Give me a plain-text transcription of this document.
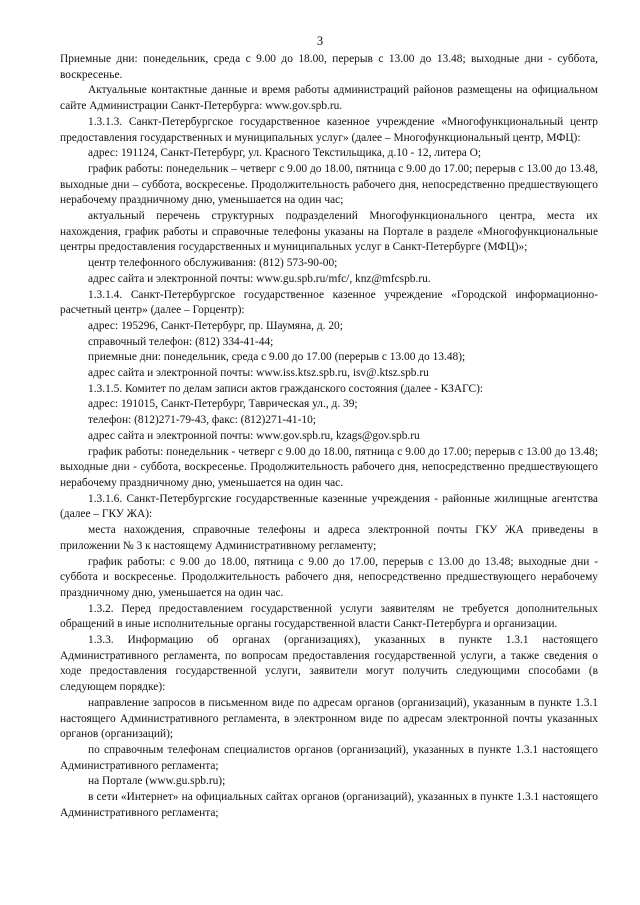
3

Приемные дни: понедельник, среда с 9.00 до 18.00, перерыв с 13.00 до 13.48; выходные дни - суббота, воскресенье.

Актуальные контактные данные и время работы администраций районов размещены на официальном сайте Администрации Санкт-Петербурга: www.gov.spb.ru.

1.3.1.3. Санкт-Петербургское государственное казенное учреждение «Многофункциональный центр предоставления государственных и муниципальных услуг» (далее – Многофункциональный центр, МФЦ):

адрес: 191124, Санкт-Петербург, ул. Красного Текстильщика, д.10 - 12, литера О;

график работы: понедельник – четверг с 9.00 до 18.00, пятница с 9.00 до 17.00; перерыв с 13.00 до 13.48, выходные дни – суббота, воскресенье. Продолжительность рабочего дня, непосредственно предшествующего нерабочему праздничному дню, уменьшается на один час;

актуальный перечень структурных подразделений Многофункционального центра, места их нахождения, график работы и справочные телефоны указаны на Портале в разделе «Многофункциональные центры предоставления государственных и муниципальных услуг в Санкт-Петербурге (МФЦ)»;

центр телефонного обслуживания: (812) 573-90-00;

адрес сайта и электронной почты: www.gu.spb.ru/mfc/, knz@mfcspb.ru.

1.3.1.4. Санкт-Петербургское государственное казенное учреждение «Городской информационно-расчетный центр» (далее – Горцентр):

адрес: 195296, Санкт-Петербург, пр. Шаумяна, д. 20;

справочный телефон: (812) 334-41-44;

приемные дни: понедельник, среда с 9.00 до 17.00 (перерыв с 13.00 до 13.48);

адрес сайта и электронной почты: www.iss.ktsz.spb.ru, isv@.ktsz.spb.ru

1.3.1.5. Комитет по делам записи актов гражданского состояния (далее - КЗАГС):

адрес: 191015, Санкт-Петербург, Таврическая ул., д. 39;

телефон: (812)271-79-43, факс: (812)271-41-10;

адрес сайта и электронной почты: www.gov.spb.ru, kzags@gov.spb.ru

график работы: понедельник - четверг с 9.00 до 18.00, пятница с 9.00 до 17.00; перерыв с 13.00 до 13.48; выходные дни - суббота, воскресенье. Продолжительность рабочего дня, непосредственно предшествующего нерабочему праздничному дню, уменьшается на один час.

1.3.1.6. Санкт-Петербургские государственные казенные учреждения - районные жилищные агентства (далее – ГКУ ЖА):

места нахождения, справочные телефоны и адреса электронной почты ГКУ ЖА приведены в приложении № 3 к настоящему Административному регламенту;

график работы: с 9.00 до 18.00, пятница с 9.00 до 17.00, перерыв с 13.00 до 13.48; выходные дни - суббота и воскресенье. Продолжительность рабочего дня, непосредственно предшествующего нерабочему праздничному дню, уменьшается на один час.

1.3.2. Перед предоставлением государственной услуги заявителям не требуется дополнительных обращений в иные исполнительные органы государственной власти Санкт-Петербурга и организации.

1.3.3. Информацию об органах (организациях), указанных в пункте 1.3.1 настоящего Административного регламента, по вопросам предоставления государственной услуги, а также сведения о ходе предоставления государственной услуги, заявители могут получить следующими способами (в следующем порядке):

направление запросов в письменном виде по адресам органов (организаций), указанным в пункте 1.3.1 настоящего Административного регламента, в электронном виде по адресам электронной почты указанных органов (организаций);

по справочным телефонам специалистов органов (организаций), указанных в пункте 1.3.1 настоящего Административного регламента;

на Портале (www.gu.spb.ru);

в сети «Интернет» на официальных сайтах органов (организаций), указанных в пункте 1.3.1 настоящего Административного регламента;
